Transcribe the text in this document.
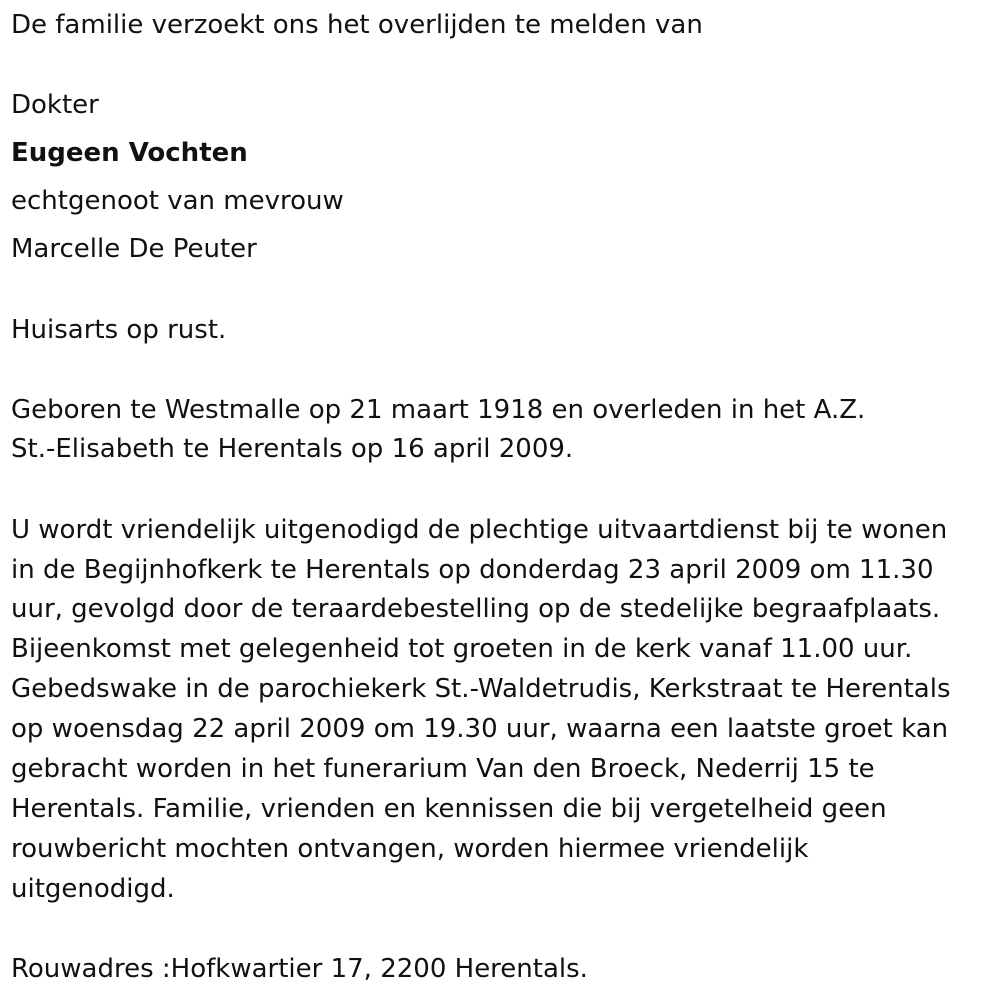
De familie verzoekt ons het overlijden te melden van
Dokter
Eugeen Vochten
echtgenoot van mevrouw
Marcelle De Peuter
Huisarts op rust.
Geboren te Westmalle op 21 maart 1918 en overleden in het A.Z.
St.-Elisabeth te Herentals op 16 april 2009.
U wordt vriendelijk uitgenodigd de plechtige uitvaartdienst bij te wonen
in de Begijnhofkerk te Herentals op donderdag 23 april 2009 om 11.30
uur, gevolgd door de teraardebestelling op de stedelijke begraafplaats.
Bijeenkomst met gelegenheid tot groeten in de kerk vanaf 11.00 uur.
Gebedswake in de parochiekerk St.-Waldetrudis, Kerkstraat te Herentals
op woensdag 22 april 2009 om 19.30 uur, waarna een laatste groet kan
gebracht worden in het funerarium Van den Broeck, Nederrij 15 te
Herentals. Familie, vrienden en kennissen die bij vergetelheid geen
rouwbericht mochten ontvangen, worden hiermee vriendelijk
uitgenodigd.
Rouwadres :Hofkwartier 17, 2200 Herentals.
